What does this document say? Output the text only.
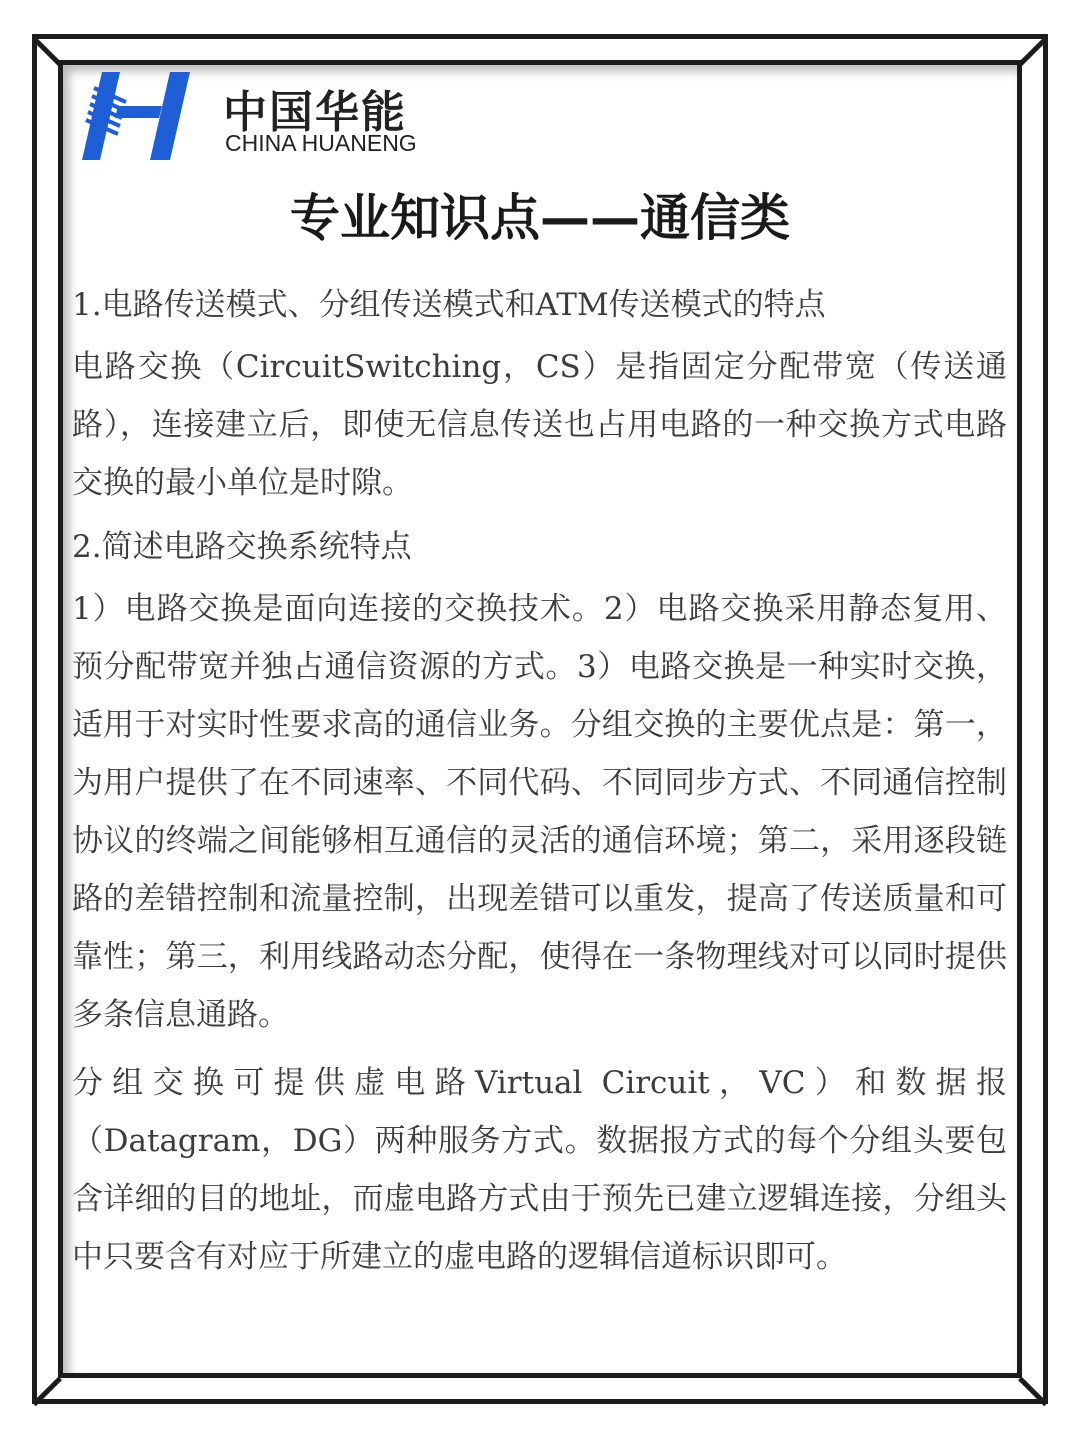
中国华能
CHINA HUANENG
专业知识点——通信类

1.电路传送模式、分组传送模式和ATM传送模式的特点

电路交换（CircuitSwitching，CS）是指固定分配带宽（传送通路），连接建立后，即使无信息传送也占用电路的一种交换方式电路交换的最小单位是时隙。

2.简述电路交换系统特点

1）电路交换是面向连接的交换技术。2）电路交换采用静态复用、预分配带宽并独占通信资源的方式。3）电路交换是一种实时交换，适用于对实时性要求高的通信业务。分组交换的主要优点是：第一，为用户提供了在不同速率、不同代码、不同同步方式、不同通信控制协议的终端之间能够相互通信的灵活的通信环境；第二，采用逐段链路的差错控制和流量控制，出现差错可以重发，提高了传送质量和可靠性；第三，利用线路动态分配，使得在一条物理线对可以同时提供多条信息通路。

分组交换可提供虚电路Virtual Circuit，VC）和数据报（Datagram，DG）两种服务方式。数据报方式的每个分组头要包含详细的目的地址，而虚电路方式由于预先已建立逻辑连接，分组头中只要含有对应于所建立的虚电路的逻辑信道标识即可。
